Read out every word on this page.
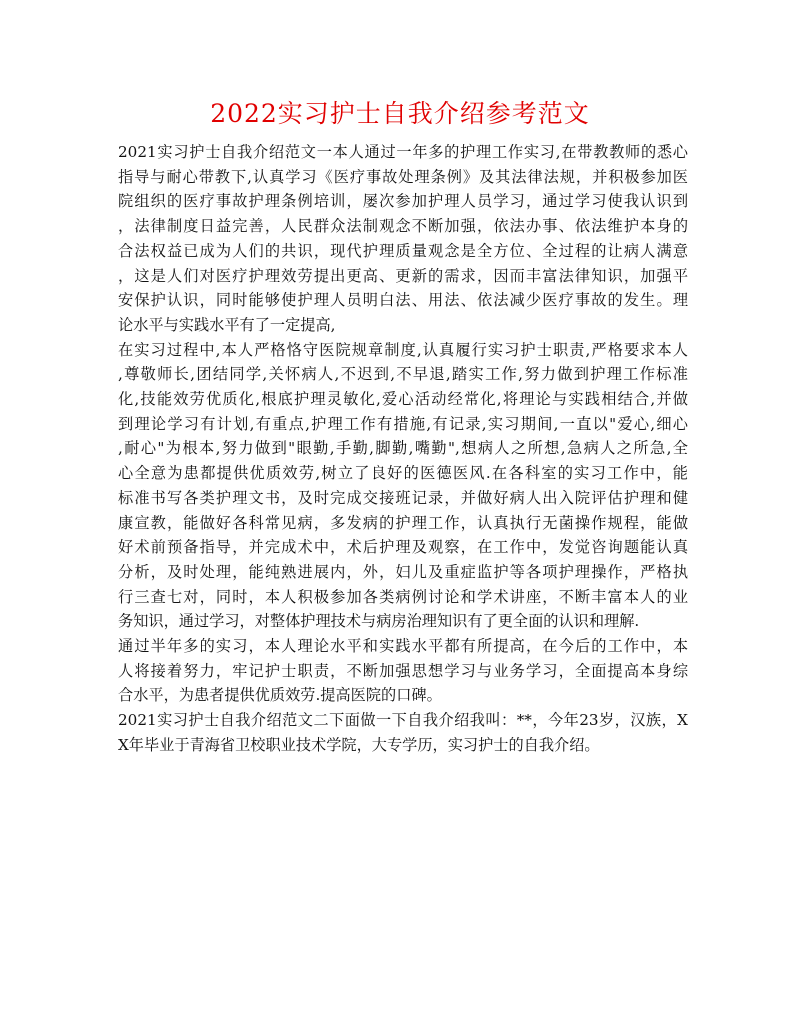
2022实习护士自我介绍参考范文
2021实习护士自我介绍范文一本人通过一年多的护理工作实习,在带教教师的悉心
指导与耐心带教下,认真学习《医疗事故处理条例》及其法律法规，并积极参加医
院组织的医疗事故护理条例培训，屡次参加护理人员学习，通过学习使我认识到
，法律制度日益完善，人民群众法制观念不断加强，依法办事、依法维护本身的
合法权益已成为人们的共识，现代护理质量观念是全方位、全过程的让病人满意
，这是人们对医疗护理效劳提出更高、更新的需求，因而丰富法律知识，加强平
安保护认识，同时能够使护理人员明白法、用法、依法减少医疗事故的发生。理
论水平与实践水平有了一定提高,
在实习过程中,本人严格恪守医院规章制度,认真履行实习护士职责,严格要求本人
,尊敬师长,团结同学,关怀病人,不迟到,不早退,踏实工作,努力做到护理工作标准
化,技能效劳优质化,根底护理灵敏化,爱心活动经常化,将理论与实践相结合,并做
到理论学习有计划,有重点,护理工作有措施,有记录,实习期间,一直以"爱心,细心
,耐心"为根本,努力做到"眼勤,手勤,脚勤,嘴勤",想病人之所想,急病人之所急,全
心全意为患都提供优质效劳,树立了良好的医德医风.在各科室的实习工作中，能
标准书写各类护理文书，及时完成交接班记录，并做好病人出入院评估护理和健
康宣教，能做好各科常见病，多发病的护理工作，认真执行无菌操作规程，能做
好术前预备指导，并完成术中，术后护理及观察，在工作中，发觉咨询题能认真
分析，及时处理，能纯熟进展内，外，妇儿及重症监护等各项护理操作，严格执
行三查七对，同时，本人积极参加各类病例讨论和学术讲座，不断丰富本人的业
务知识，通过学习，对整体护理技术与病房治理知识有了更全面的认识和理解.
通过半年多的实习，本人理论水平和实践水平都有所提高，在今后的工作中，本
人将接着努力，牢记护士职责，不断加强思想学习与业务学习，全面提高本身综
合水平，为患者提供优质效劳.提高医院的口碑。
2021实习护士自我介绍范文二下面做一下自我介绍我叫：**，今年23岁，汉族，X
X年毕业于青海省卫校职业技术学院，大专学历，实习护士的自我介绍。
